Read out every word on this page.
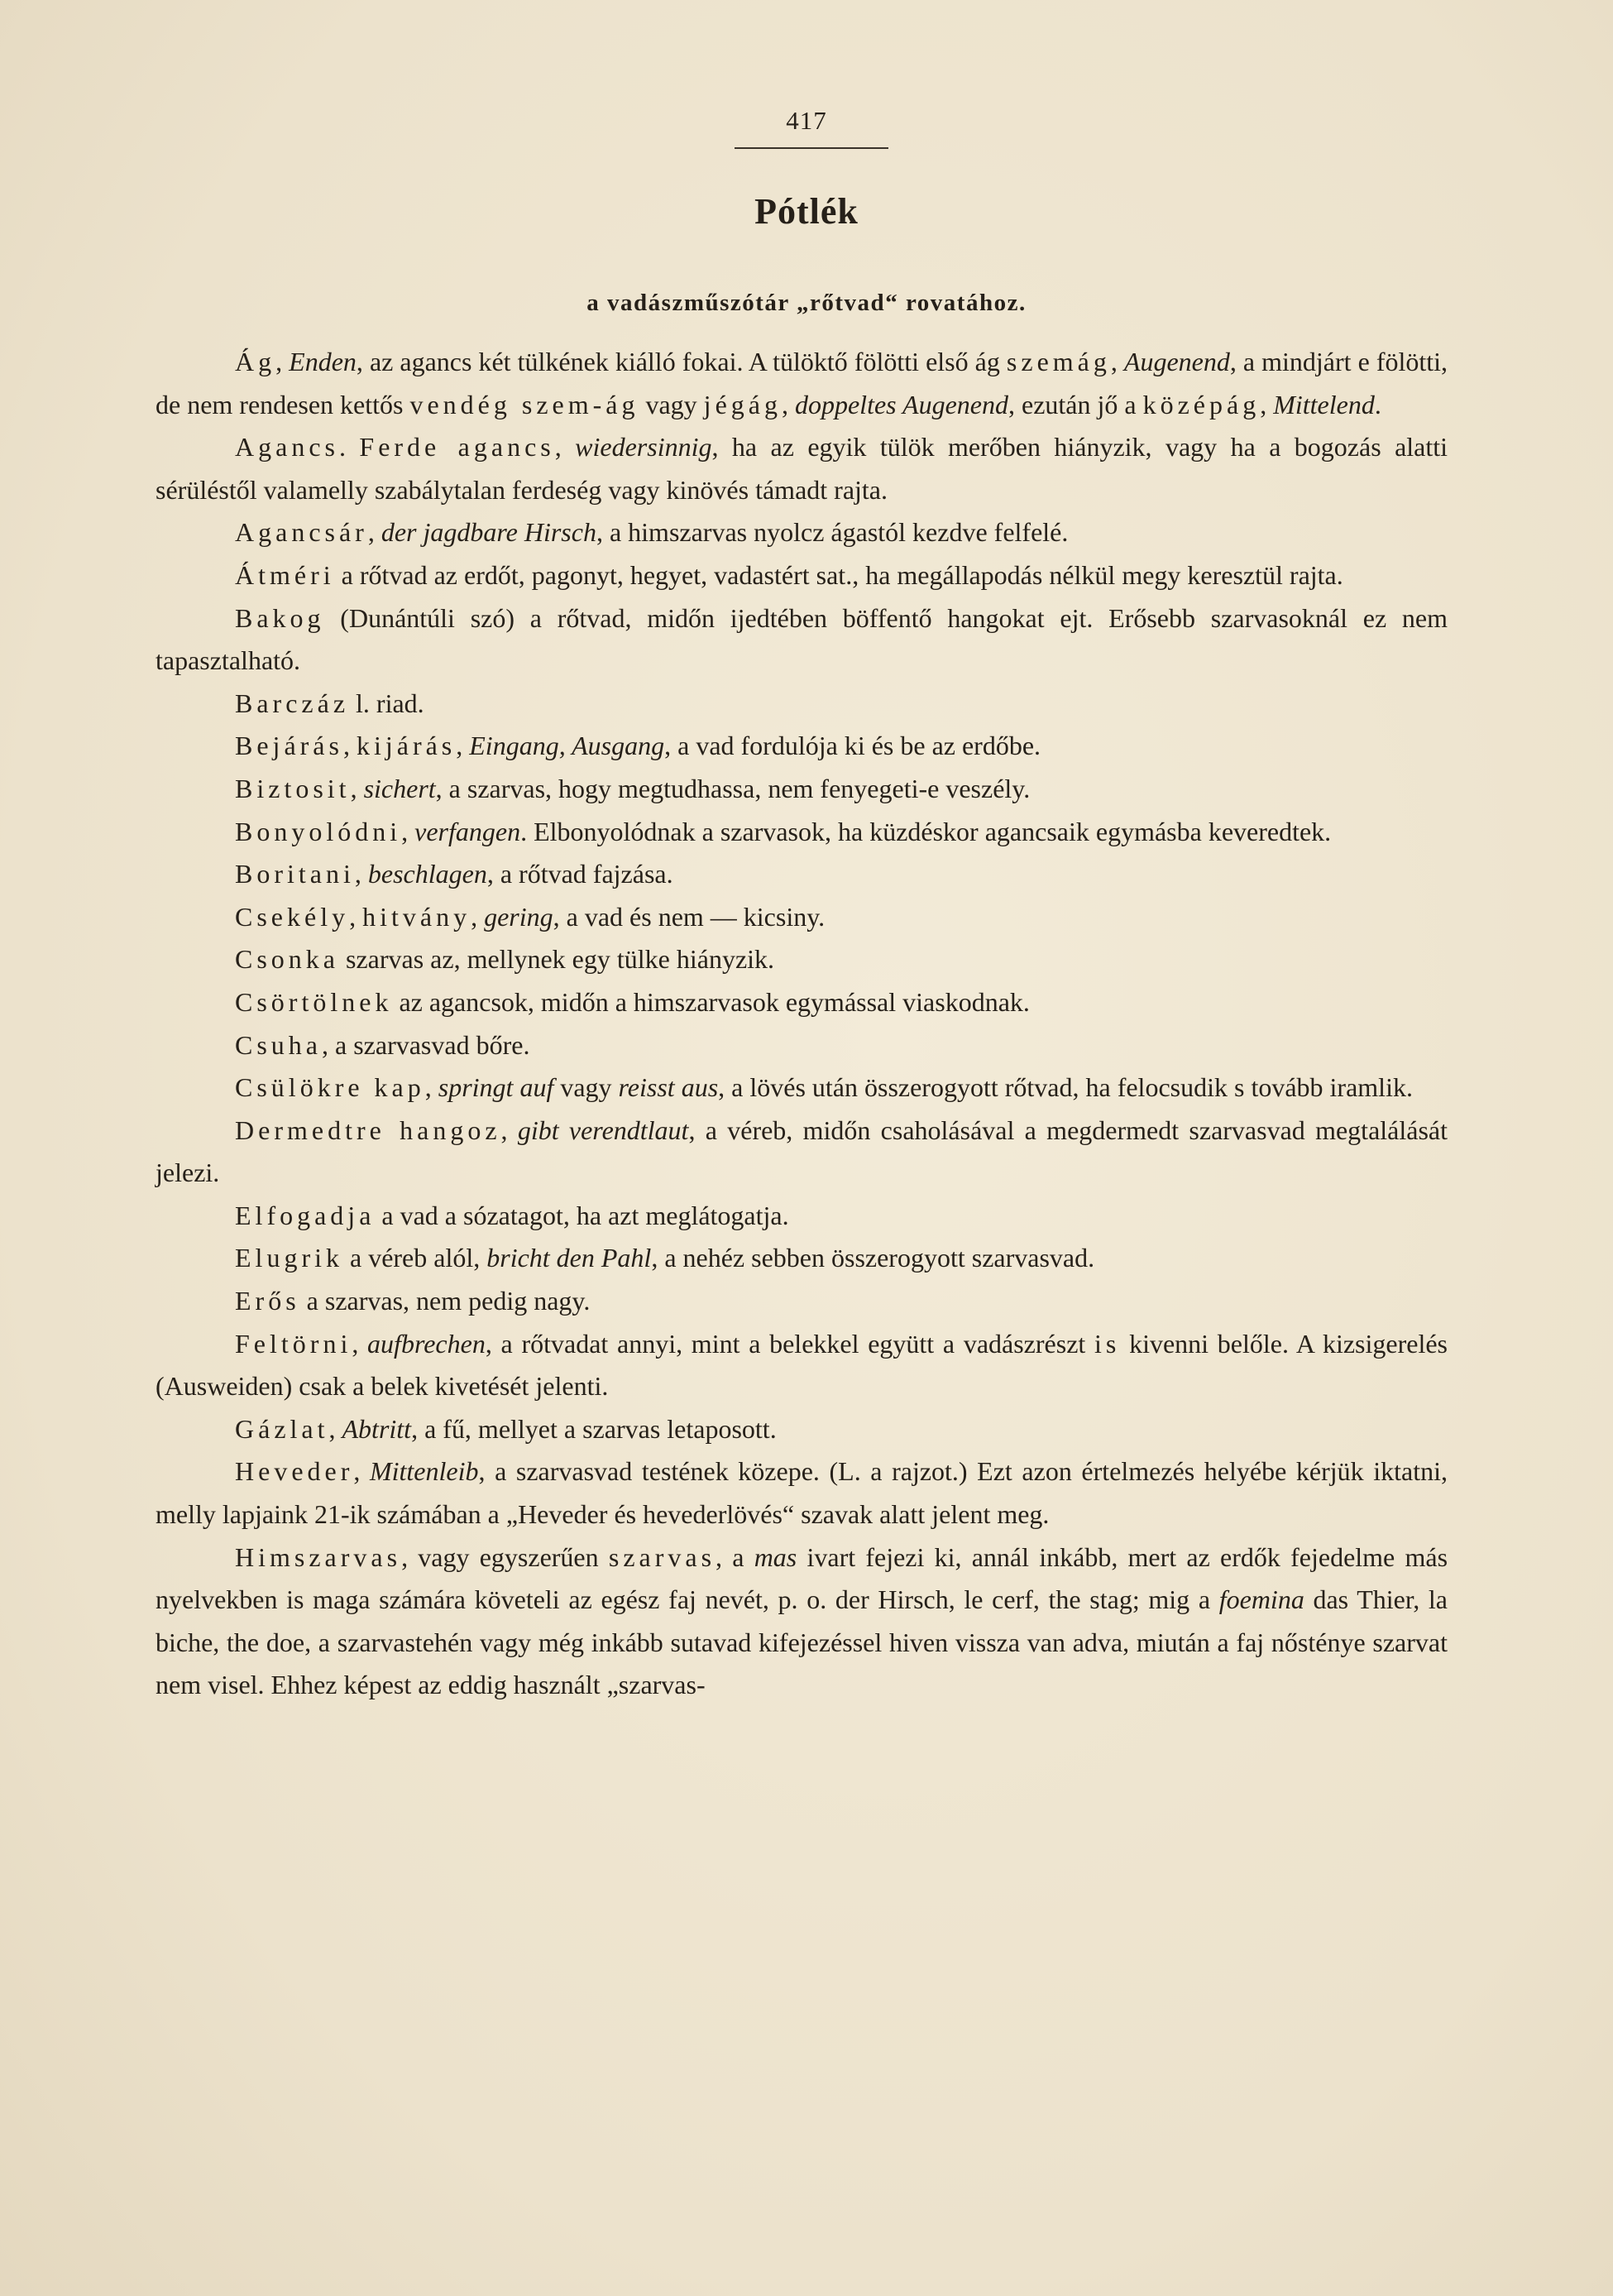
417
Pótlék
a vadászműszótár „rőtvad“ rovatához.

Ág, Enden, az agancs két tülkének kiálló fokai. A tülöktő fölötti első ág szemág, Augenend, a mindjárt e fölötti, de nem rendesen kettős vendég szem-ág vagy jégág, doppeltes Augenend, ezután jő a középág, Mittelend.

Agancs. Ferde agancs, wiedersinnig, ha az egyik tülök merőben hiányzik, vagy ha a bogozás alatti sérüléstől valamelly szabálytalan ferdeség vagy kinövés támadt rajta.

Agancsár, der jagdbare Hirsch, a himszarvas nyolcz ágastól kezdve felfelé.

Átméri a rőtvad az erdőt, pagonyt, hegyet, vadastért sat., ha megállapodás nélkül megy keresztül rajta.

Bakog (Dunántúli szó) a rőtvad, midőn ijedtében böffentő hangokat ejt. Erősebb szarvasoknál ez nem tapasztalható.

Barczáz l. riad.

Bejárás, kijárás, Eingang, Ausgang, a vad fordulója ki és be az erdőbe.

Biztosit, sichert, a szarvas, hogy megtudhassa, nem fenyegeti-e veszély.

Bonyolódni, verfangen. Elbonyolódnak a szarvasok, ha küzdéskor agancsaik egymásba keveredtek.

Boritani, beschlagen, a rőtvad fajzása.

Csekély, hitvány, gering, a vad és nem — kicsiny.

Csonka szarvas az, mellynek egy tülke hiányzik.

Csörtölnek az agancsok, midőn a himszarvasok egymással viaskodnak.

Csuha, a szarvasvad bőre.

Csülökre kap, springt auf vagy reisst aus, a lövés után összerogyott rőtvad, ha felocsudik s tovább iramlik.

Dermedtre hangoz, gibt verendtlaut, a véreb, midőn csaholásával a megdermedt szarvasvad megtalálását jelezi.

Elfogadja a vad a sózatagot, ha azt meglátogatja.

Elugrik a véreb alól, bricht den Pahl, a nehéz sebben összerogyott szarvasvad.

Erős a szarvas, nem pedig nagy.

Feltörni, aufbrechen, a rőtvadat annyi, mint a belekkel együtt a vadászrészt is kivenni belőle. A kizsigerelés (Ausweiden) csak a belek kivetését jelenti.

Gázlat, Abtritt, a fű, mellyet a szarvas letaposott.

Heveder, Mittenleib, a szarvasvad testének közepe. (L. a rajzot.) Ezt azon értelmezés helyébe kérjük iktatni, melly lapjaink 21-ik számában a „Heveder és hevederlövés“ szavak alatt jelent meg.

Himszarvas, vagy egyszerűen szarvas, a mas ivart fejezi ki, annál inkább, mert az erdők fejedelme más nyelvekben is maga számára követeli az egész faj nevét, p. o. der Hirsch, le cerf, the stag; mig a foemina das Thier, la biche, the doe, a szarvastehén vagy még inkább sutavad kifejezéssel hiven vissza van adva, miután a faj nőstényе szarvat nem visel. Ehhez képest az eddig használt „szarvas-
